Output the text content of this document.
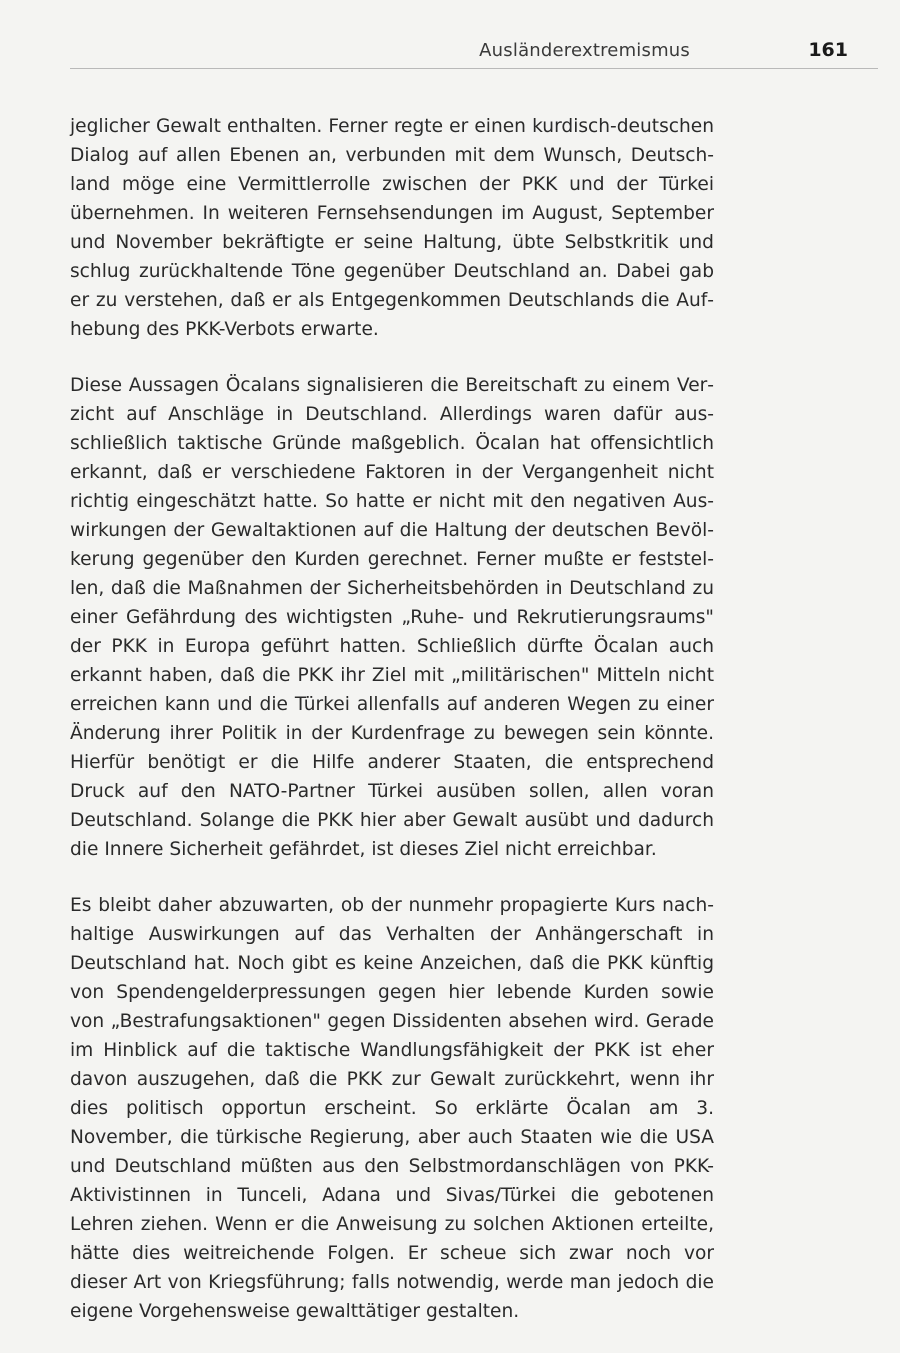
Ausländerextremismus	161

jeglicher Gewalt enthalten. Ferner regte er einen kurdisch-deutschen Dialog auf allen Ebenen an, verbunden mit dem Wunsch, Deutschland möge eine Vermittlerrolle zwischen der PKK und der Türkei übernehmen. In weiteren Fernsehsendungen im August, September und November bekräftigte er seine Haltung, übte Selbstkritik und schlug zurückhaltende Töne gegenüber Deutschland an. Dabei gab er zu verstehen, daß er als Entgegenkommen Deutschlands die Aufhebung des PKK-Verbots erwarte.

Diese Aussagen Öcalans signalisieren die Bereitschaft zu einem Verzicht auf Anschläge in Deutschland. Allerdings waren dafür ausschließlich taktische Gründe maßgeblich. Öcalan hat offensichtlich erkannt, daß er verschiedene Faktoren in der Vergangenheit nicht richtig eingeschätzt hatte. So hatte er nicht mit den negativen Auswirkungen der Gewaltaktionen auf die Haltung der deutschen Bevölkerung gegenüber den Kurden gerechnet. Ferner mußte er feststellen, daß die Maßnahmen der Sicherheitsbehörden in Deutschland zu einer Gefährdung des wichtigsten „Ruhe- und Rekrutierungsraums" der PKK in Europa geführt hatten. Schließlich dürfte Öcalan auch erkannt haben, daß die PKK ihr Ziel mit „militärischen" Mitteln nicht erreichen kann und die Türkei allenfalls auf anderen Wegen zu einer Änderung ihrer Politik in der Kurdenfrage zu bewegen sein könnte. Hierfür benötigt er die Hilfe anderer Staaten, die entsprechend Druck auf den NATO-Partner Türkei ausüben sollen, allen voran Deutschland. Solange die PKK hier aber Gewalt ausübt und dadurch die Innere Sicherheit gefährdet, ist dieses Ziel nicht erreichbar.

Es bleibt daher abzuwarten, ob der nunmehr propagierte Kurs nachhaltige Auswirkungen auf das Verhalten der Anhängerschaft in Deutschland hat. Noch gibt es keine Anzeichen, daß die PKK künftig von Spendengelderpressungen gegen hier lebende Kurden sowie von „Bestrafungsaktionen" gegen Dissidenten absehen wird. Gerade im Hinblick auf die taktische Wandlungsfähigkeit der PKK ist eher davon auszugehen, daß die PKK zur Gewalt zurückkehrt, wenn ihr dies politisch opportun erscheint. So erklärte Öcalan am 3. November, die türkische Regierung, aber auch Staaten wie die USA und Deutschland müßten aus den Selbstmordanschlägen von PKK-Aktivistinnen in Tunceli, Adana und Sivas/Türkei die gebotenen Lehren ziehen. Wenn er die Anweisung zu solchen Aktionen erteilte, hätte dies weitreichende Folgen. Er scheue sich zwar noch vor dieser Art von Kriegsführung; falls notwendig, werde man jedoch die eigene Vorgehensweise gewalttätiger gestalten.
